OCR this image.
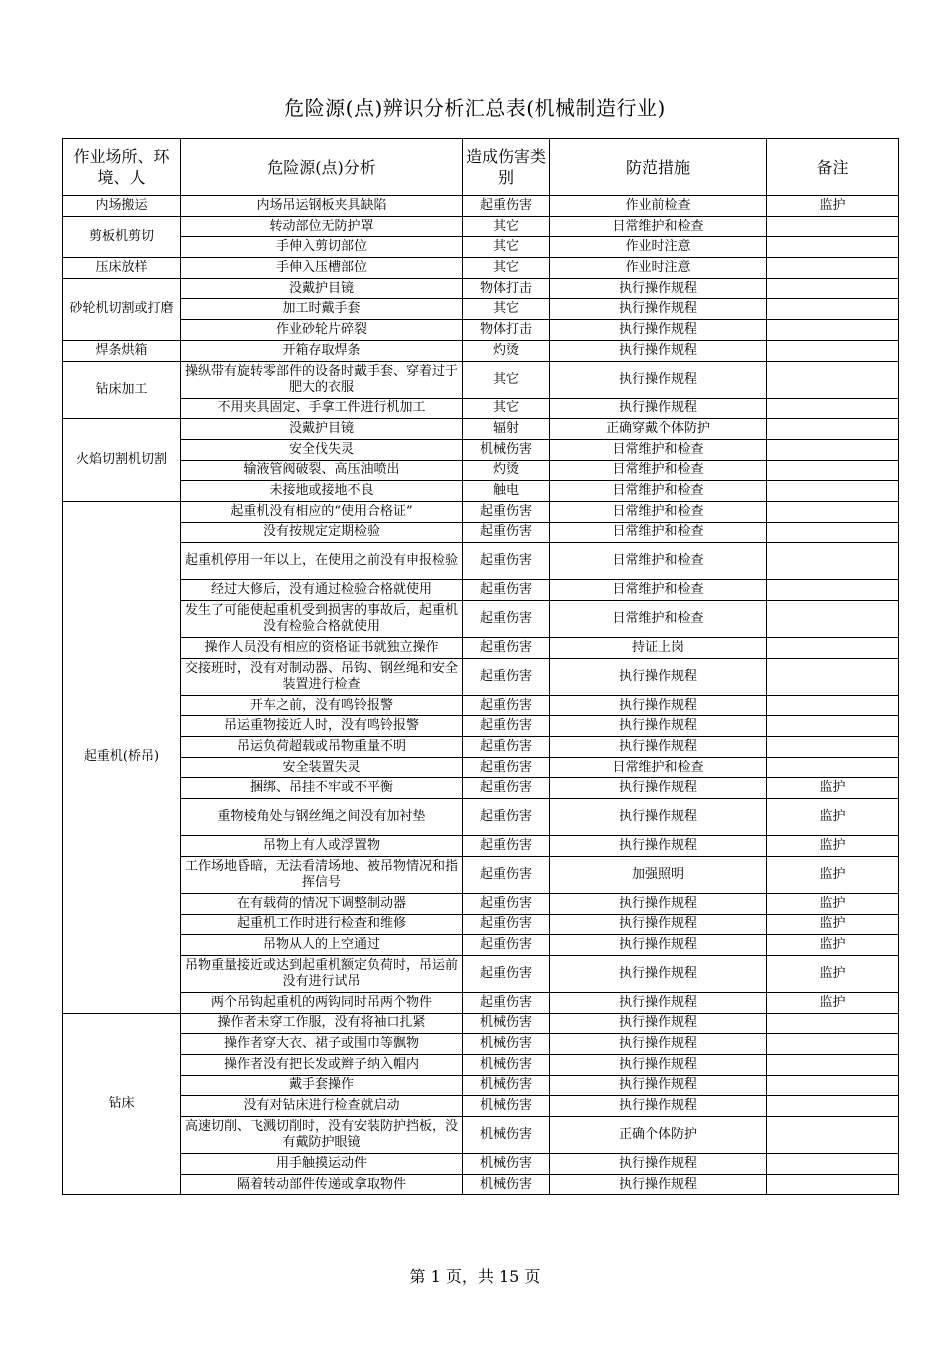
危险源(点)辨识分析汇总表(机械制造行业)
作业场所、环境、人	危险源(点)分析	造成伤害类别	防范措施	备注
内场搬运	内场吊运钢板夹具缺陷	起重伤害	作业前检查	监护
剪板机剪切	转动部位无防护罩	其它	日常维护和检查	
	手伸入剪切部位	其它	作业时注意	
压床放样	手伸入压槽部位	其它	作业时注意	
砂轮机切割或打磨	没戴护目镜	物体打击	执行操作规程	
	加工时戴手套	其它	执行操作规程	
	作业砂轮片碎裂	物体打击	执行操作规程	
焊条烘箱	开箱存取焊条	灼烫	执行操作规程	
钻床加工	操纵带有旋转零部件的设备时戴手套、穿着过于肥大的衣服	其它	执行操作规程	
	不用夹具固定、手拿工件进行机加工	其它	执行操作规程	
火焰切割机切割	没戴护目镜	辐射	正确穿戴个体防护	
	安全伐失灵	机械伤害	日常维护和检查	
	输液管阀破裂、高压油喷出	灼烫	日常维护和检查	
	未接地或接地不良	触电	日常维护和检查	
起重机(桥吊)	起重机没有相应的“使用合格证”	起重伤害	日常维护和检查	
	没有按规定定期检验	起重伤害	日常维护和检查	
	起重机停用一年以上，在使用之前没有申报检验	起重伤害	日常维护和检查	
	经过大修后，没有通过检验合格就使用	起重伤害	日常维护和检查	
	发生了可能使起重机受到损害的事故后，起重机没有检验合格就使用	起重伤害	日常维护和检查	
	操作人员没有相应的资格证书就独立操作	起重伤害	持证上岗	
	交接班时，没有对制动器、吊钩、钢丝绳和安全装置进行检查	起重伤害	执行操作规程	
	开车之前，没有鸣铃报警	起重伤害	执行操作规程	
	吊运重物接近人时，没有鸣铃报警	起重伤害	执行操作规程	
	吊运负荷超载或吊物重量不明	起重伤害	执行操作规程	
	安全装置失灵	起重伤害	日常维护和检查	
	捆绑、吊挂不牢或不平衡	起重伤害	执行操作规程	监护
	重物棱角处与钢丝绳之间没有加衬垫	起重伤害	执行操作规程	监护
	吊物上有人或浮置物	起重伤害	执行操作规程	监护
	工作场地昏暗，无法看清场地、被吊物情况和指挥信号	起重伤害	加强照明	监护
	在有载荷的情况下调整制动器	起重伤害	执行操作规程	监护
	起重机工作时进行检查和维修	起重伤害	执行操作规程	监护
	吊物从人的上空通过	起重伤害	执行操作规程	监护
	吊物重量接近或达到起重机额定负荷时，吊运前没有进行试吊	起重伤害	执行操作规程	监护
	两个吊钩起重机的两钩同时吊两个物件	起重伤害	执行操作规程	监护
钻床	操作者未穿工作服，没有将袖口扎紧	机械伤害	执行操作规程	
	操作者穿大衣、裙子或围巾等飘物	机械伤害	执行操作规程	
	操作者没有把长发或辫子纳入帽内	机械伤害	执行操作规程	
	戴手套操作	机械伤害	执行操作规程	
	没有对钻床进行检查就启动	机械伤害	执行操作规程	
	高速切削、飞溅切削时，没有安装防护挡板，没有戴防护眼镜	机械伤害	正确个体防护	
	用手触摸运动件	机械伤害	执行操作规程	
	隔着转动部件传递或拿取物件	机械伤害	执行操作规程	
第 1 页，共 15 页
